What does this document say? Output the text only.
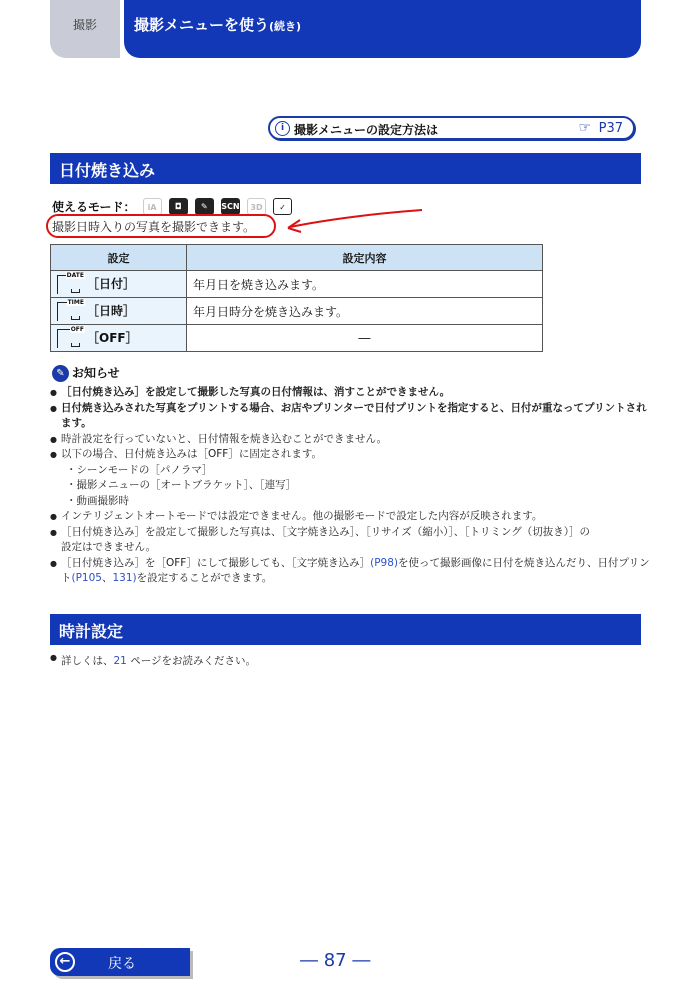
撮影	撮影メニューを使う(続き)
i 撮影メニューの設定方法は	☞ P37
日付焼き込み
使えるモード： iA ◘ ✎ SCN 3D ✓
撮影日時入りの写真を撮影できます。
設定	設定内容

DATE
［日付］	年月日を焼き込みます。

TIME
［日時］	年月日時分を焼き込みます。

OFF
［OFF］	―
✎ お知らせ
● ［日付焼き込み］を設定して撮影した写真の日付情報は、消すことができません。
● 日付焼き込みされた写真をプリントする場合、お店やプリンターで日付プリントを指定すると、日付が重なってプリントされます。
● 時計設定を行っていないと、日付情報を焼き込むことができません。
● 以下の場合、日付焼き込みは［OFF］に固定されます。
・シーンモードの［パノラマ］
・撮影メニューの［オートブラケット］、［連写］
・動画撮影時
● インテリジェントオートモードでは設定できません。他の撮影モードで設定した内容が反映されます。
● ［日付焼き込み］を設定して撮影した写真は、［文字焼き込み］、［リサイズ（縮小）］、［トリミング（切抜き）］の
設定はできません。
● ［日付焼き込み］を［OFF］にして撮影しても、［文字焼き込み］(P98)を使って撮影画像に日付を焼き込んだり、日付プリント(P105、131)を設定することができます。
時計設定
● 詳しくは、21 ページをお読みください。
←	戻る	― 87 ―
